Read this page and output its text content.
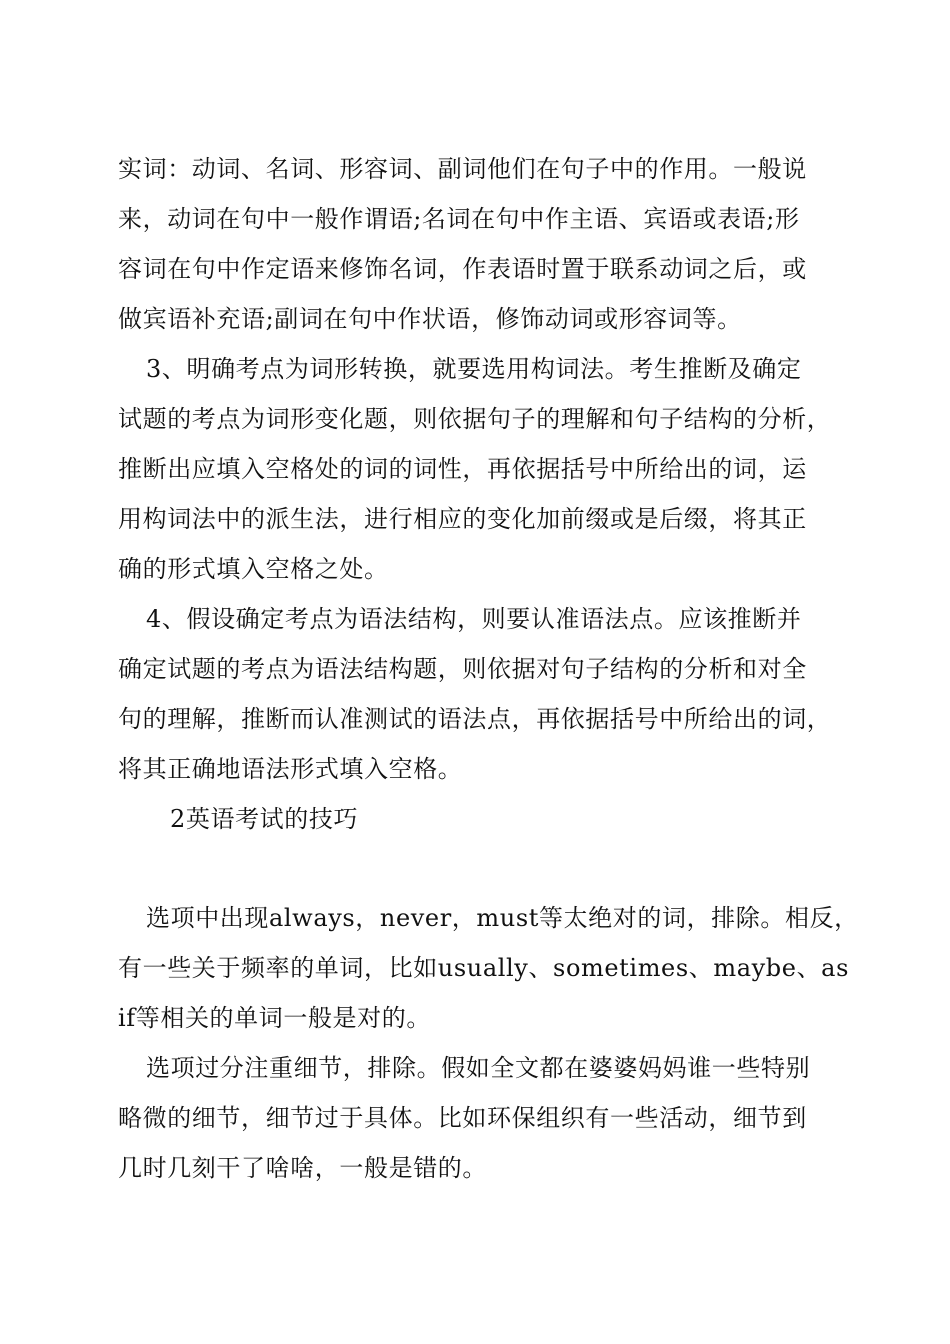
实词：动词、名词、形容词、副词他们在句子中的作用。一般说
来，动词在句中一般作谓语;名词在句中作主语、宾语或表语;形
容词在句中作定语来修饰名词，作表语时置于联系动词之后，或
做宾语补充语;副词在句中作状语，修饰动词或形容词等。
3、明确考点为词形转换，就要选用构词法。考生推断及确定
试题的考点为词形变化题，则依据句子的理解和句子结构的分析，
推断出应填入空格处的词的词性，再依据括号中所给出的词，运
用构词法中的派生法，进行相应的变化加前缀或是后缀，将其正
确的形式填入空格之处。
4、假设确定考点为语法结构，则要认准语法点。应该推断并
确定试题的考点为语法结构题，则依据对句子结构的分析和对全
句的理解，推断而认准测试的语法点，再依据括号中所给出的词，
将其正确地语法形式填入空格。
2英语考试的技巧
选项中出现always，never，must等太绝对的词，排除。相反，
有一些关于频率的单词，比如usually、sometimes、maybe、as
if等相关的单词一般是对的。
选项过分注重细节，排除。假如全文都在婆婆妈妈谁一些特别
略微的细节，细节过于具体。比如环保组织有一些活动，细节到
几时几刻干了啥啥，一般是错的。
